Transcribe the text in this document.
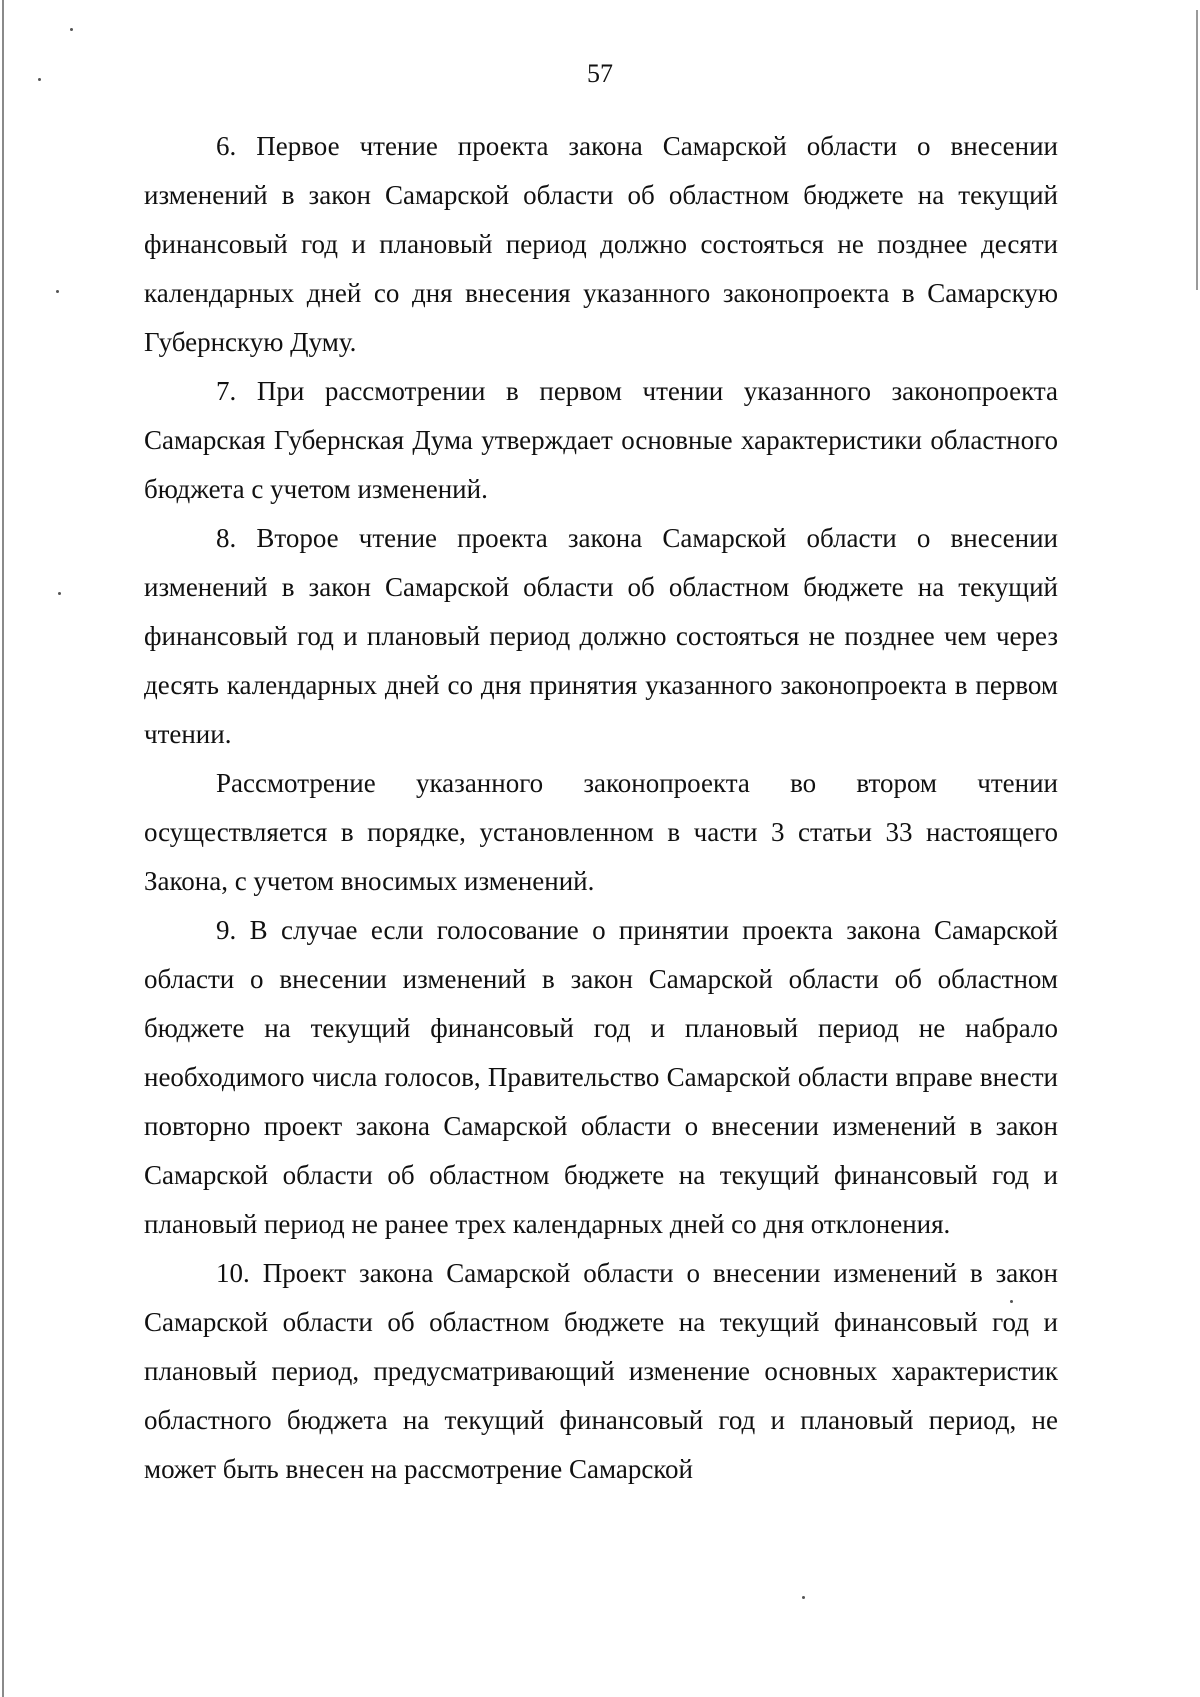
57

6. Первое чтение проекта закона Самарской области о внесении изменений в закон Самарской области об областном бюджете на текущий финансовый год и плановый период должно состояться не позднее десяти календарных дней со дня внесения указанного законопроекта в Самарскую Губернскую Думу.

7. При рассмотрении в первом чтении указанного законопроекта Самарская Губернская Дума утверждает основные характеристики областного бюджета с учетом изменений.

8. Второе чтение проекта закона Самарской области о внесении изменений в закон Самарской области об областном бюджете на текущий финансовый год и плановый период должно состояться не позднее чем через десять календарных дней со дня принятия указанного законопроекта в первом чтении.

Рассмотрение указанного законопроекта во втором чтении осуществляется в порядке, установленном в части 3 статьи 33 настоящего Закона, с учетом вносимых изменений.

9. В случае если голосование о принятии проекта закона Самарской области о внесении изменений в закон Самарской области об областном бюджете на текущий финансовый год и плановый период не набрало необходимого числа голосов, Правительство Самарской области вправе внести повторно проект закона Самарской области о внесении изменений в закон Самарской области об областном бюджете на текущий финансовый год и плановый период не ранее трех календарных дней со дня отклонения.

10. Проект закона Самарской области о внесении изменений в закон Самарской области об областном бюджете на текущий финансовый год и плановый период, предусматривающий изменение основных характеристик областного бюджета на текущий финансовый год и плановый период, не может быть внесен на рассмотрение Самарской
